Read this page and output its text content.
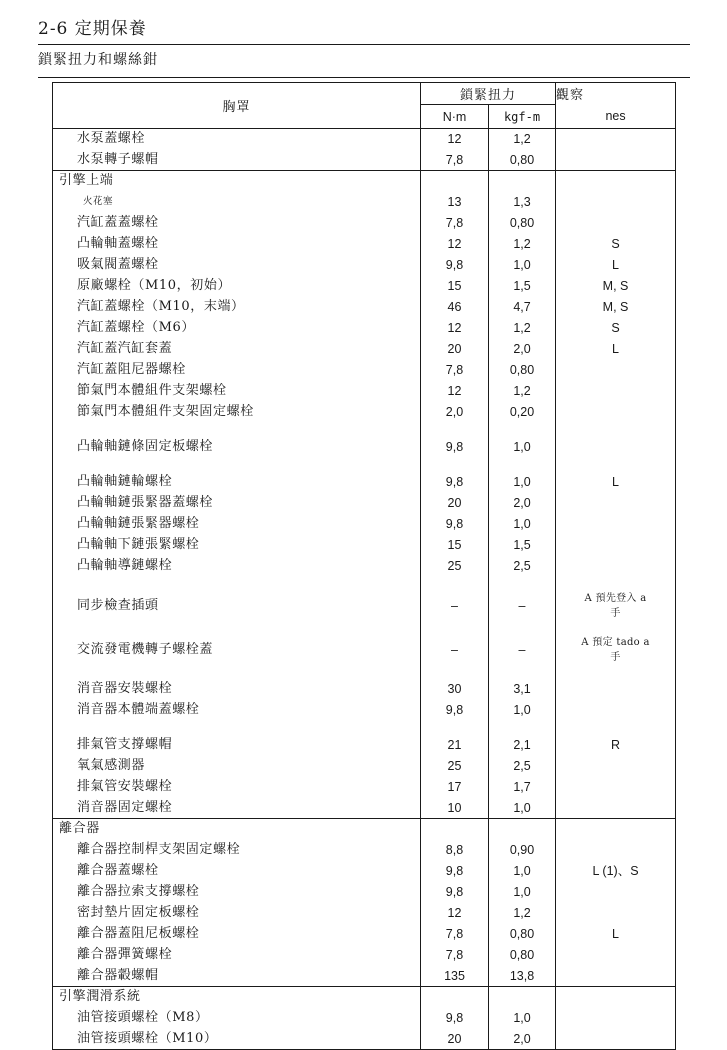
2-6 定期保養
鎖緊扭力和螺絲鉗
胸罩	鎖緊扭力		觀察
	N·m	kgf-m	nes
水泵蓋螺栓	12	1,2	
水泵轉子螺帽	7,8	0,80	
引擎上端			
火花塞	13	1,3	
汽缸蓋蓋螺栓	7,8	0,80	
凸輪軸蓋螺栓	12	1,2	S
吸氣閥蓋螺栓	9,8	1,0	L
原廠螺栓（M10，初始）	15	1,5	M, S
汽缸蓋螺栓（M10，末端）	46	4,7	M, S
汽缸蓋螺栓（M6）	12	1,2	S
汽缸蓋汽缸套蓋	20	2,0	L
汽缸蓋阻尼器螺栓	7,8	0,80	
節氣門本體組件支架螺栓	12	1,2	
節氣門本體組件支架固定螺栓	2,0	0,20	

凸輪軸鏈條固定板螺栓	9,8	1,0	

凸輪軸鏈輪螺栓	9,8	1,0	L
凸輪軸鏈張緊器蓋螺栓	20	2,0	
凸輪軸鏈張緊器螺栓	9,8	1,0	
凸輪軸下鏈張緊螺栓	15	1,5	
凸輪軸導鏈螺栓	25	2,5	

同步檢查插頭	–	–	A 預先登入 a
手

交流發電機轉子螺栓蓋	–	–	A 預定 tado a
手

消音器安裝螺栓	30	3,1	
消音器本體端蓋螺栓	9,8	1,0	

排氣管支撐螺帽	21	2,1	R
氧氣感測器	25	2,5	
排氣管安裝螺栓	17	1,7	
消音器固定螺栓	10	1,0	
離合器			
離合器控制桿支架固定螺栓	8,8	0,90	
離合器蓋螺栓	9,8	1,0	L (1)、S
離合器拉索支撐螺栓	9,8	1,0	
密封墊片固定板螺栓	12	1,2	
離合器蓋阻尼板螺栓	7,8	0,80	L
離合器彈簧螺栓	7,8	0,80	
離合器轂螺帽	135	13,8	
引擎潤滑系統			
油管接頭螺栓（M8）	9,8	1,0	
油管接頭螺栓（M10）	20	2,0	
